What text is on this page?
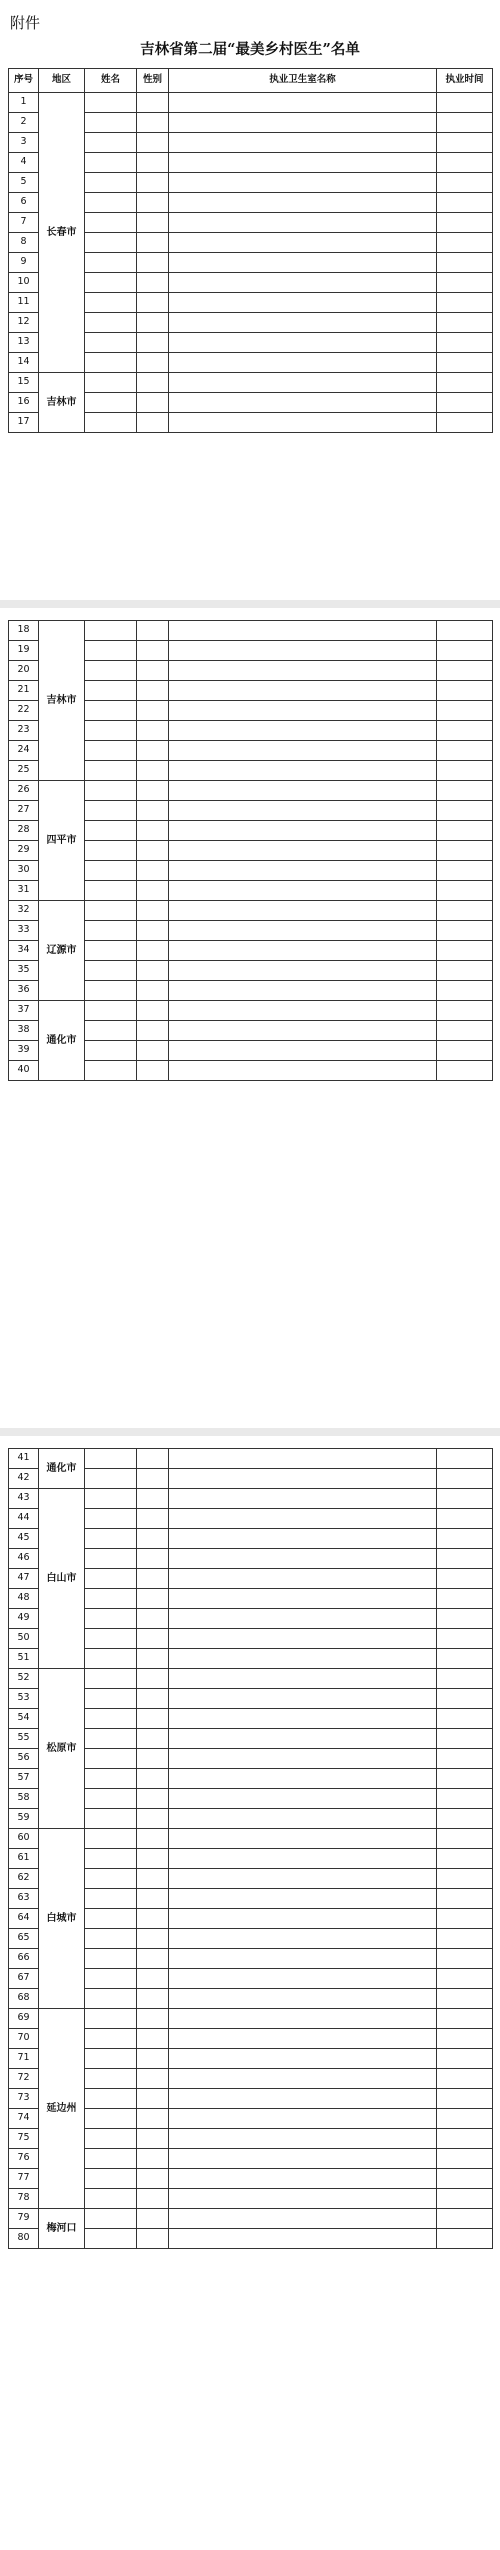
附件
吉林省第二届“最美乡村医生”名单
序号	地区	姓名	性别	执业卫生室名称	执业时间
1	长春市				
2					
3					
4					
5					
6					
7					
8					
9					
10					
11					
12					
13					
14					
15	吉林市				
16					
17					
18	吉林市				
19					
20					
21					
22					
23					
24					
25					
26	四平市				
27					
28					
29					
30					
31					
32	辽源市				
33					
34					
35					
36					
37	通化市				
38					
39					
40					
41	通化市				
42					
43	白山市				
44					
45					
46					
47					
48					
49					
50					
51					
52	松原市				
53					
54					
55					
56					
57					
58					
59					
60	白城市				
61					
62					
63					
64					
65					
66					
67					
68					
69	延边州				
70					
71					
72					
73					
74					
75					
76					
77					
78					
79	梅河口				
80					
